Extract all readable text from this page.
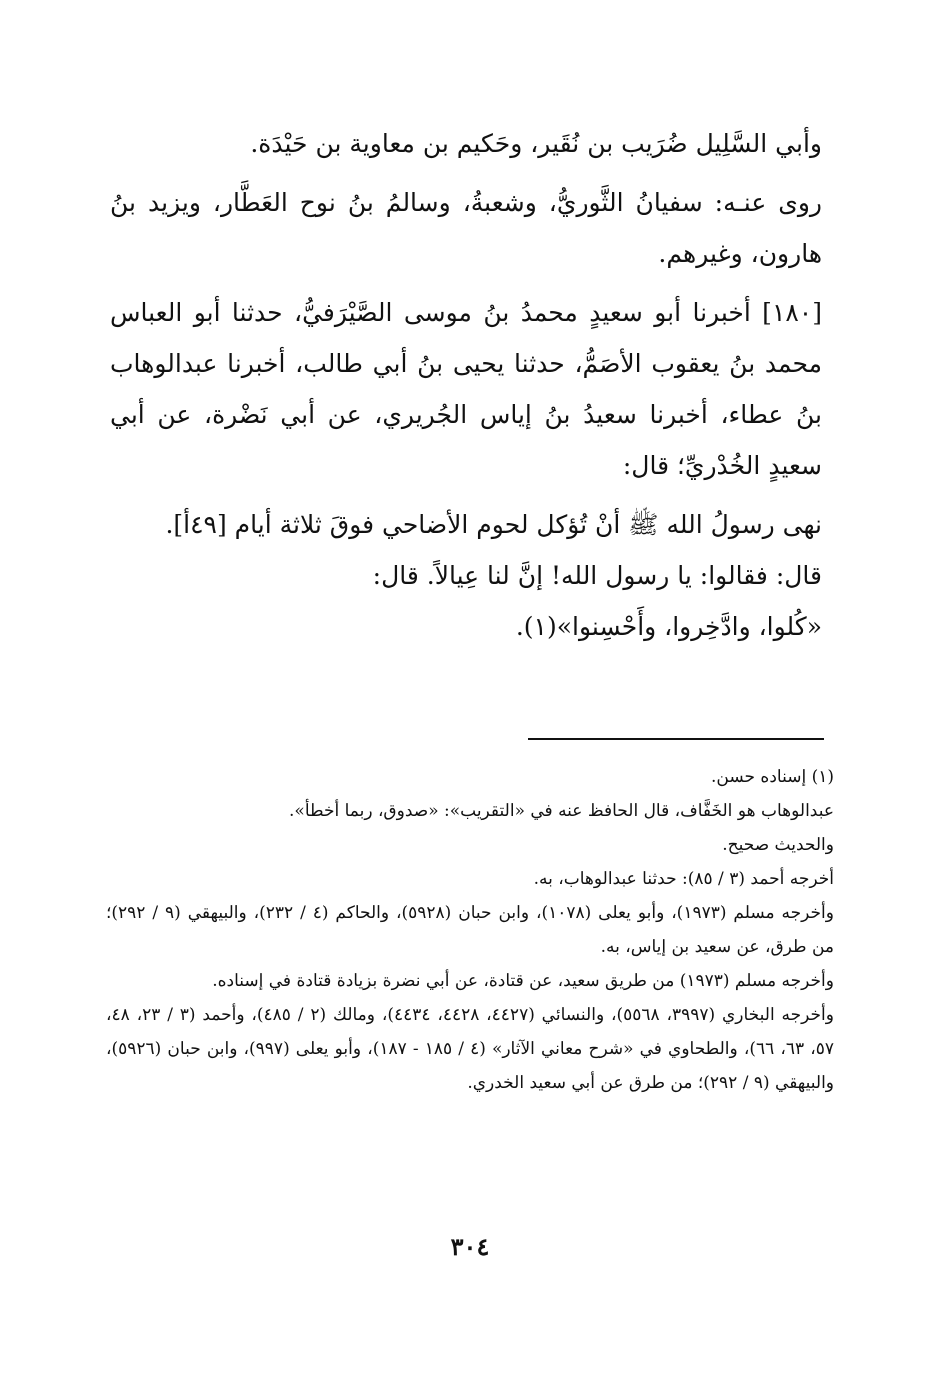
وأبي السَّلِيل ضُرَيب بن نُقَير، وحَكيم بن معاوية بن حَيْدَة.

روى عنـه: سفيانُ الثَّوريُّ، وشعبةُ، وسالمُ بنُ نوح العَطَّار، ويزيد بنُ هارون، وغيرهم.

[١٨٠] أخبرنا أبو سعيدٍ محمدُ بنُ موسى الصَّيْرَفيُّ، حدثنا أبو العباس محمد بنُ يعقوب الأصَمُّ، حدثنا يحيى بنُ أبي طالب، أخبرنا عبدالوهاب بنُ عطاء، أخبرنا سعيدُ بنُ إياس الجُريري، عن أبي نَضْرة، عن أبي سعيدٍ الخُدْريِّ؛ قال:

نهى رسولُ الله ﷺ أنْ تُؤكل لحوم الأضاحي فوقَ ثلاثة أيام [٤٩أ].

قال: فقالوا: يا رسول الله! إنَّ لنا عِيالاً. قال:

«كُلوا، وادَّخِروا، وأَحْسِنوا»(١).

(١) إسناده حسن.

عبدالوهاب هو الخَفَّاف، قال الحافظ عنه في «التقريب»: «صدوق، ربما أخطأ».

والحديث صحيح.

أخرجه أحمد (٣ / ٨٥): حدثنا عبدالوهاب، به.

وأخرجه مسلم (١٩٧٣)، وأبو يعلى (١٠٧٨)، وابن حبان (٥٩٢٨)، والحاكم (٤ / ٢٣٢)، والبيهقي (٩ / ٢٩٢)؛ من طرق، عن سعيد بن إياس، به.

وأخرجه مسلم (١٩٧٣) من طريق سعيد، عن قتادة، عن أبي نضرة بزيادة قتادة في إسناده.

وأخرجه البخاري (٣٩٩٧، ٥٥٦٨)، والنسائي (٤٤٢٧، ٤٤٢٨، ٤٤٣٤)، ومالك (٢ / ٤٨٥)، وأحمد (٣ / ٢٣، ٤٨، ٥٧، ٦٣، ٦٦)، والطحاوي في «شرح معاني الآثار» (٤ / ١٨٥ - ١٨٧)، وأبو يعلى (٩٩٧)، وابن حبان (٥٩٢٦)، والبيهقي (٩ / ٢٩٢)؛ من طرق عن أبي سعيد الخدري.

٣٠٤
